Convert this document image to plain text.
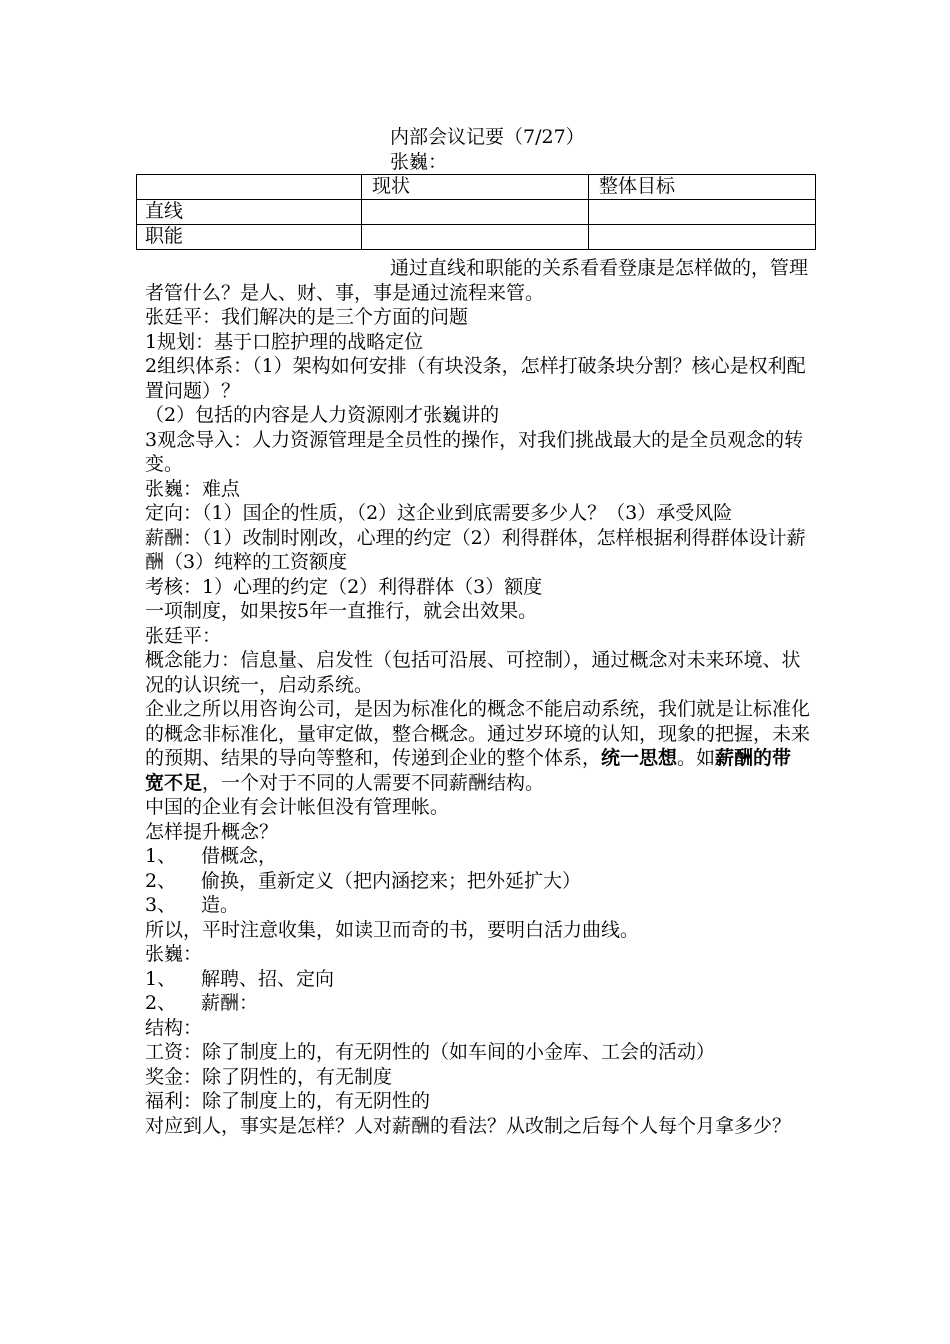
内部会议记要（7/27）
张巍：
	现状	整体目标
直线		
职能		

通过直线和职能的关系看看登康是怎样做的，管理者管什么？是人、财、事，事是通过流程来管。

张廷平：我们解决的是三个方面的问题

1规划：基于口腔护理的战略定位

2组织体系：（1）架构如何安排（有块没条，怎样打破条块分割？核心是权利配置问题）？

（2）包括的内容是人力资源刚才张巍讲的

3观念导入：人力资源管理是全员性的操作，对我们挑战最大的是全员观念的转变。

张巍：难点

定向：（1）国企的性质，（2）这企业到底需要多少人？（3）承受风险

薪酬：（1）改制时刚改，心理的约定（2）利得群体，怎样根据利得群体设计薪酬（3）纯粹的工资额度

考核：1）心理的约定（2）利得群体（3）额度

一项制度，如果按5年一直推行，就会出效果。

张廷平：

概念能力：信息量、启发性（包括可沿展、可控制），通过概念对未来环境、状况的认识统一，启动系统。

企业之所以用咨询公司，是因为标准化的概念不能启动系统，我们就是让标准化的概念非标准化，量审定做，整合概念。通过岁环境的认知，现象的把握，未来的预期、结果的导向等整和，传递到企业的整个体系，统一思想。如薪酬的带宽不足，一个对于不同的人需要不同薪酬结构。

中国的企业有会计帐但没有管理帐。

怎样提升概念？

1、 借概念，

2、 偷换，重新定义（把内涵挖来；把外延扩大）

3、 造。

所以，平时注意收集，如读卫而奇的书，要明白活力曲线。

张巍：

1、 解聘、招、定向

2、 薪酬：

结构：

工资：除了制度上的，有无阴性的（如车间的小金库、工会的活动）

奖金：除了阴性的，有无制度

福利：除了制度上的，有无阴性的

对应到人，事实是怎样？人对薪酬的看法？从改制之后每个人每个月拿多少？
